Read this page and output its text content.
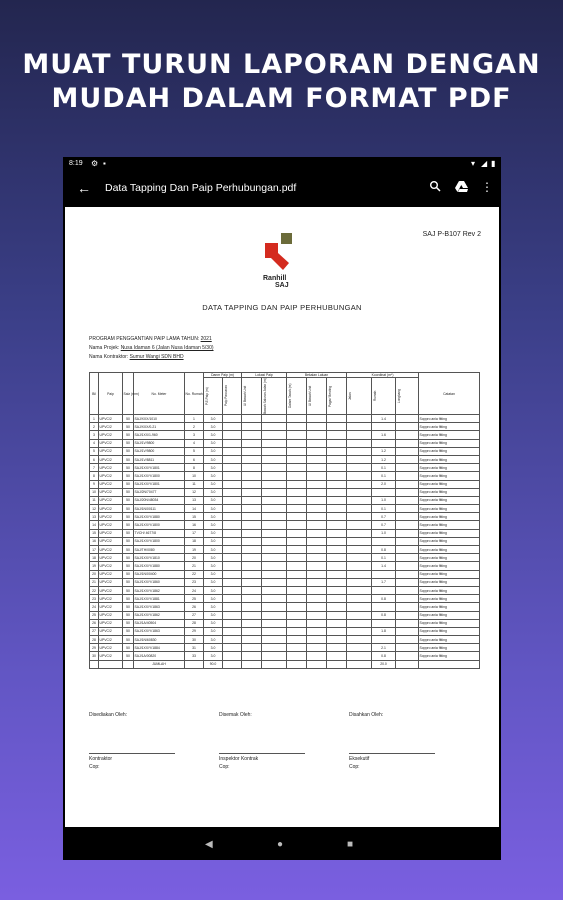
MUAT TURUN LAPORAN DENGAN
MUDAH DALAM FORMAT PDF
8:19 ⚙ ▪	▾ ◢ ▮
← Data Tapping Dan Paip Perhubungan.pdf	⋮
SAJ P-B107 Rev 2
Ranhill
SAJ
DATA TAPPING DAN PAIP PERHUBUNGAN
PROGRAM PENGGANTIAN PAIP LAMA TAHUN: 2021
Nama Projek: Nusa Idaman 6 (Jalan Nusa Idaman 5/30)
Nama Kontraktor: Sumur Wangi SDN BHD
Bil	Paip	Saiz (mm)	No. Meter	No. Rumah	Danm Paip (m)		Lokasi Paip		Bekalan Laluan			Koordinat (m*)			Catatan

					P.E.Paip (m)	Paip Pancaran	Ul Bawah Unit	Bawah Saluran Jalan (m)	Dalam Tanah (m)	Ul Bawah Unit	Pagar/ Benting	Jalan	Rumah	Longkang	

1	UPVC/2	50	SAJ/XXX/1010	1	3.0								1.4		Soppro ania fitting
2	UPVC/2	50	SAJ/XXX/0-21	2	3.0										Soppro ania fitting
3	UPVC/2	50	SAJ/1XX/1-960	3	3.0								1.6		Soppro ania fitting
4	UPVC/2	50	SAJ/1V/9800	4	3.0										Soppro ania fitting
5	UPVC/2	50	SAJ/1V/9800	5	3.0								1.2		Soppro ania fitting
6	UPVC/2	50	SAJ/1V/8811	6	3.0								1.2		Soppro ania fitting
7	UPVC/2	50	SAJ/1XX/Y/1801	8	3.0								0.1		Soppro ania fitting
8	UPVC/2	50	SAJ/1XX/Y/1800	10	3.0								0.1		Soppro ania fitting
9	UPVC/2	50	SAJ/1XX/Y/1801	11	3.0								2.0		Soppro ania fitting
10	UPVC/2	50	SAJ/2N/70477	12	3.0										Soppro ania fitting
11	UPVC/2	50	SAJ/20N/48034	13	3.0								1.0		Soppro ania fitting
12	UPVC/2	50	SAJ/1N/00111	14	3.0								0.1		Soppro ania fitting
13	UPVC/2	50	SAJ/1XX/Y/1880	15	3.0								0.7		Soppro ania fitting
14	UPVC/2	50	SAJ/1XX/Y/1800	16	3.0								0.7		Soppro ania fitting
15	UPVC/2	50	TVCH/ 4677/8	17	3.0								1.0		Soppro ania fitting
16	UPVC/2	50	SAJ/1XX/Y/1800	18	3.0										Soppro ania fitting
17	UPVC/2	50	SAJ/TH/0080	19	3.0								0.8		Soppro ania fitting
18	UPVC/2	50	SAJ/1XX/Y/1810	20	3.0								0.1		Soppro ania fitting
19	UPVC/2	50	SAJ/1XX/Y/1880	21	3.0								1.4		Soppro ania fitting
20	UPVC/2	50	SAJ/1N/00400	22	3.0										Soppro ania fitting
21	UPVC/2	50	SAJ/1XX/Y/1860	23	3.0								1.7		Soppro ania fitting
22	UPVC/2	50	SAJ/1XX/Y/1862	24	3.0										Soppro ania fitting
23	UPVC/2	50	SAJ/1XX/Y/1881	25	3.0								0.8		Soppro ania fitting
24	UPVC/2	50	SAJ/1XX/Y/1863	26	3.0										Soppro ania fitting
25	UPVC/2	50	SAJ/1XX/Y/1862	27	3.0								0.8		Soppro ania fitting
26	UPVC/2	50	SAJ/1A/40504	28	3.0										Soppro ania fitting
27	UPVC/2	50	SAJ/1XX/Y/1863	29	3.0								1.8		Soppro ania fitting
28	UPVC/2	50	SAJ/1N/60830	30	3.0										Soppro ania fitting
29	UPVC/2	50	SAJ/1XX/Y/1884	31	3.0								2.1		Soppro ania fitting
30	UPVC/2	50	SAJ/1A/00820	33	3.0								0.8		Soppro ania fitting
			JUMLAH		90.0								20.0		
Disediakan Oleh:	Disemak Oleh:	Disahkan Oleh:
Kontraktor	Inspektor Kontrak	Eksekutif
Cop:	Cop:	Cop:
◀	●	■
